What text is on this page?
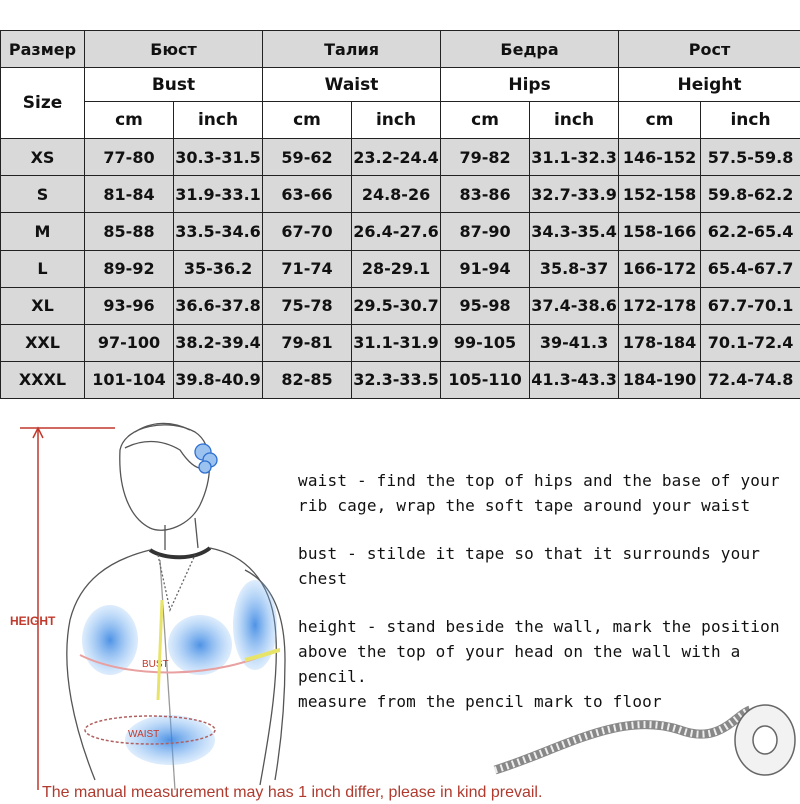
Размер	Бюст		Талия		Бедра		Рост	
Size	Bust		Waist		Hips		Height	
	cm	inch	cm	inch	cm	inch	cm	inch
XS	77-80	30.3-31.5	59-62	23.2-24.4	79-82	31.1-32.3	146-152	57.5-59.8
S	81-84	31.9-33.1	63-66	24.8-26	83-86	32.7-33.9	152-158	59.8-62.2
M	85-88	33.5-34.6	67-70	26.4-27.6	87-90	34.3-35.4	158-166	62.2-65.4
L	89-92	35-36.2	71-74	28-29.1	91-94	35.8-37	166-172	65.4-67.7
XL	93-96	36.6-37.8	75-78	29.5-30.7	95-98	37.4-38.6	172-178	67.7-70.1
XXL	97-100	38.2-39.4	79-81	31.1-31.9	99-105	39-41.3	178-184	70.1-72.4
XXXL	101-104	39.8-40.9	82-85	32.3-33.5	105-110	41.3-43.3	184-190	72.4-74.8
BUST
WAIST
HEIGHT

waist - find the top of hips and the base of your
rib cage, wrap the soft tape around your waist

bust - stilde it tape so that it surrounds your chest

height - stand beside the wall, mark the position
above the top of your head on the wall with a pencil.
measure from the pencil mark to floor

The manual measurement may has 1 inch differ, please in kind prevail.
